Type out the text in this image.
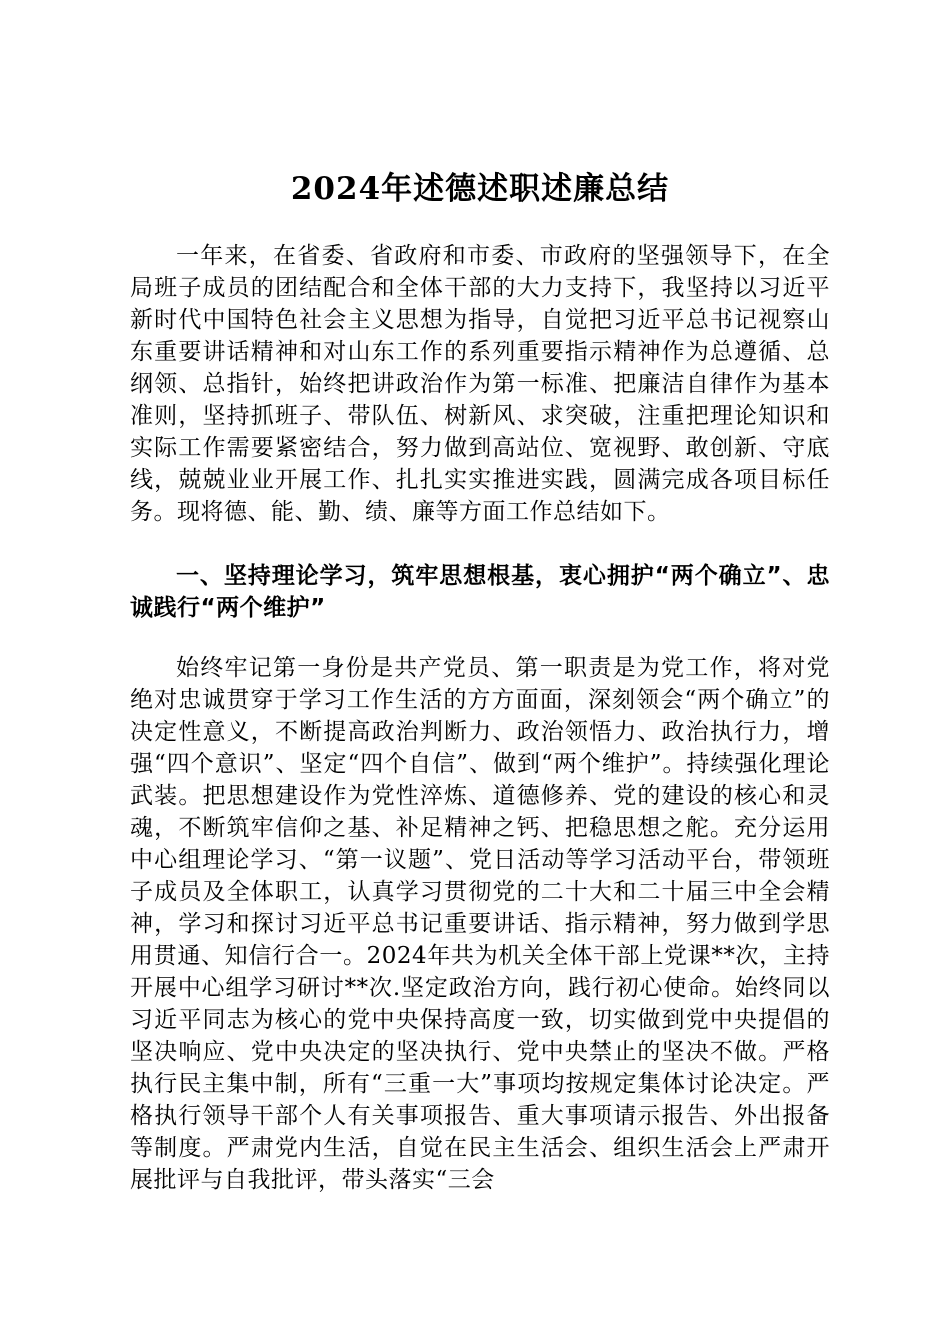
2024年述德述职述廉总结

一年来，在省委、省政府和市委、市政府的坚强领导下，在全局班子成员的团结配合和全体干部的大力支持下，我坚持以习近平新时代中国特色社会主义思想为指导，自觉把习近平总书记视察山东重要讲话精神和对山东工作的系列重要指示精神作为总遵循、总纲领、总指针，始终把讲政治作为第一标准、把廉洁自律作为基本准则，坚持抓班子、带队伍、树新风、求突破，注重把理论知识和实际工作需要紧密结合，努力做到高站位、宽视野、敢创新、守底线，兢兢业业开展工作、扎扎实实推进实践，圆满完成各项目标任务。现将德、能、勤、绩、廉等方面工作总结如下。

一、坚持理论学习，筑牢思想根基，衷心拥护“两个确立”、忠诚践行“两个维护”

始终牢记第一身份是共产党员、第一职责是为党工作，将对党绝对忠诚贯穿于学习工作生活的方方面面，深刻领会“两个确立”的决定性意义，不断提高政治判断力、政治领悟力、政治执行力，增强“四个意识”、坚定“四个自信”、做到“两个维护”。持续强化理论武装。把思想建设作为党性淬炼、道德修养、党的建设的核心和灵魂，不断筑牢信仰之基、补足精神之钙、把稳思想之舵。充分运用中心组理论学习、“第一议题”、党日活动等学习活动平台，带领班子成员及全体职工，认真学习贯彻党的二十大和二十届三中全会精神，学习和探讨习近平总书记重要讲话、指示精神，努力做到学思用贯通、知信行合一。2024年共为机关全体干部上党课**次，主持开展中心组学习研讨**次.坚定政治方向，践行初心使命。始终同以习近平同志为核心的党中央保持高度一致，切实做到党中央提倡的坚决响应、党中央决定的坚决执行、党中央禁止的坚决不做。严格执行民主集中制，所有“三重一大”事项均按规定集体讨论决定。严格执行领导干部个人有关事项报告、重大事项请示报告、外出报备等制度。严肃党内生活，自觉在民主生活会、组织生活会上严肃开展批评与自我批评，带头落实“三会
